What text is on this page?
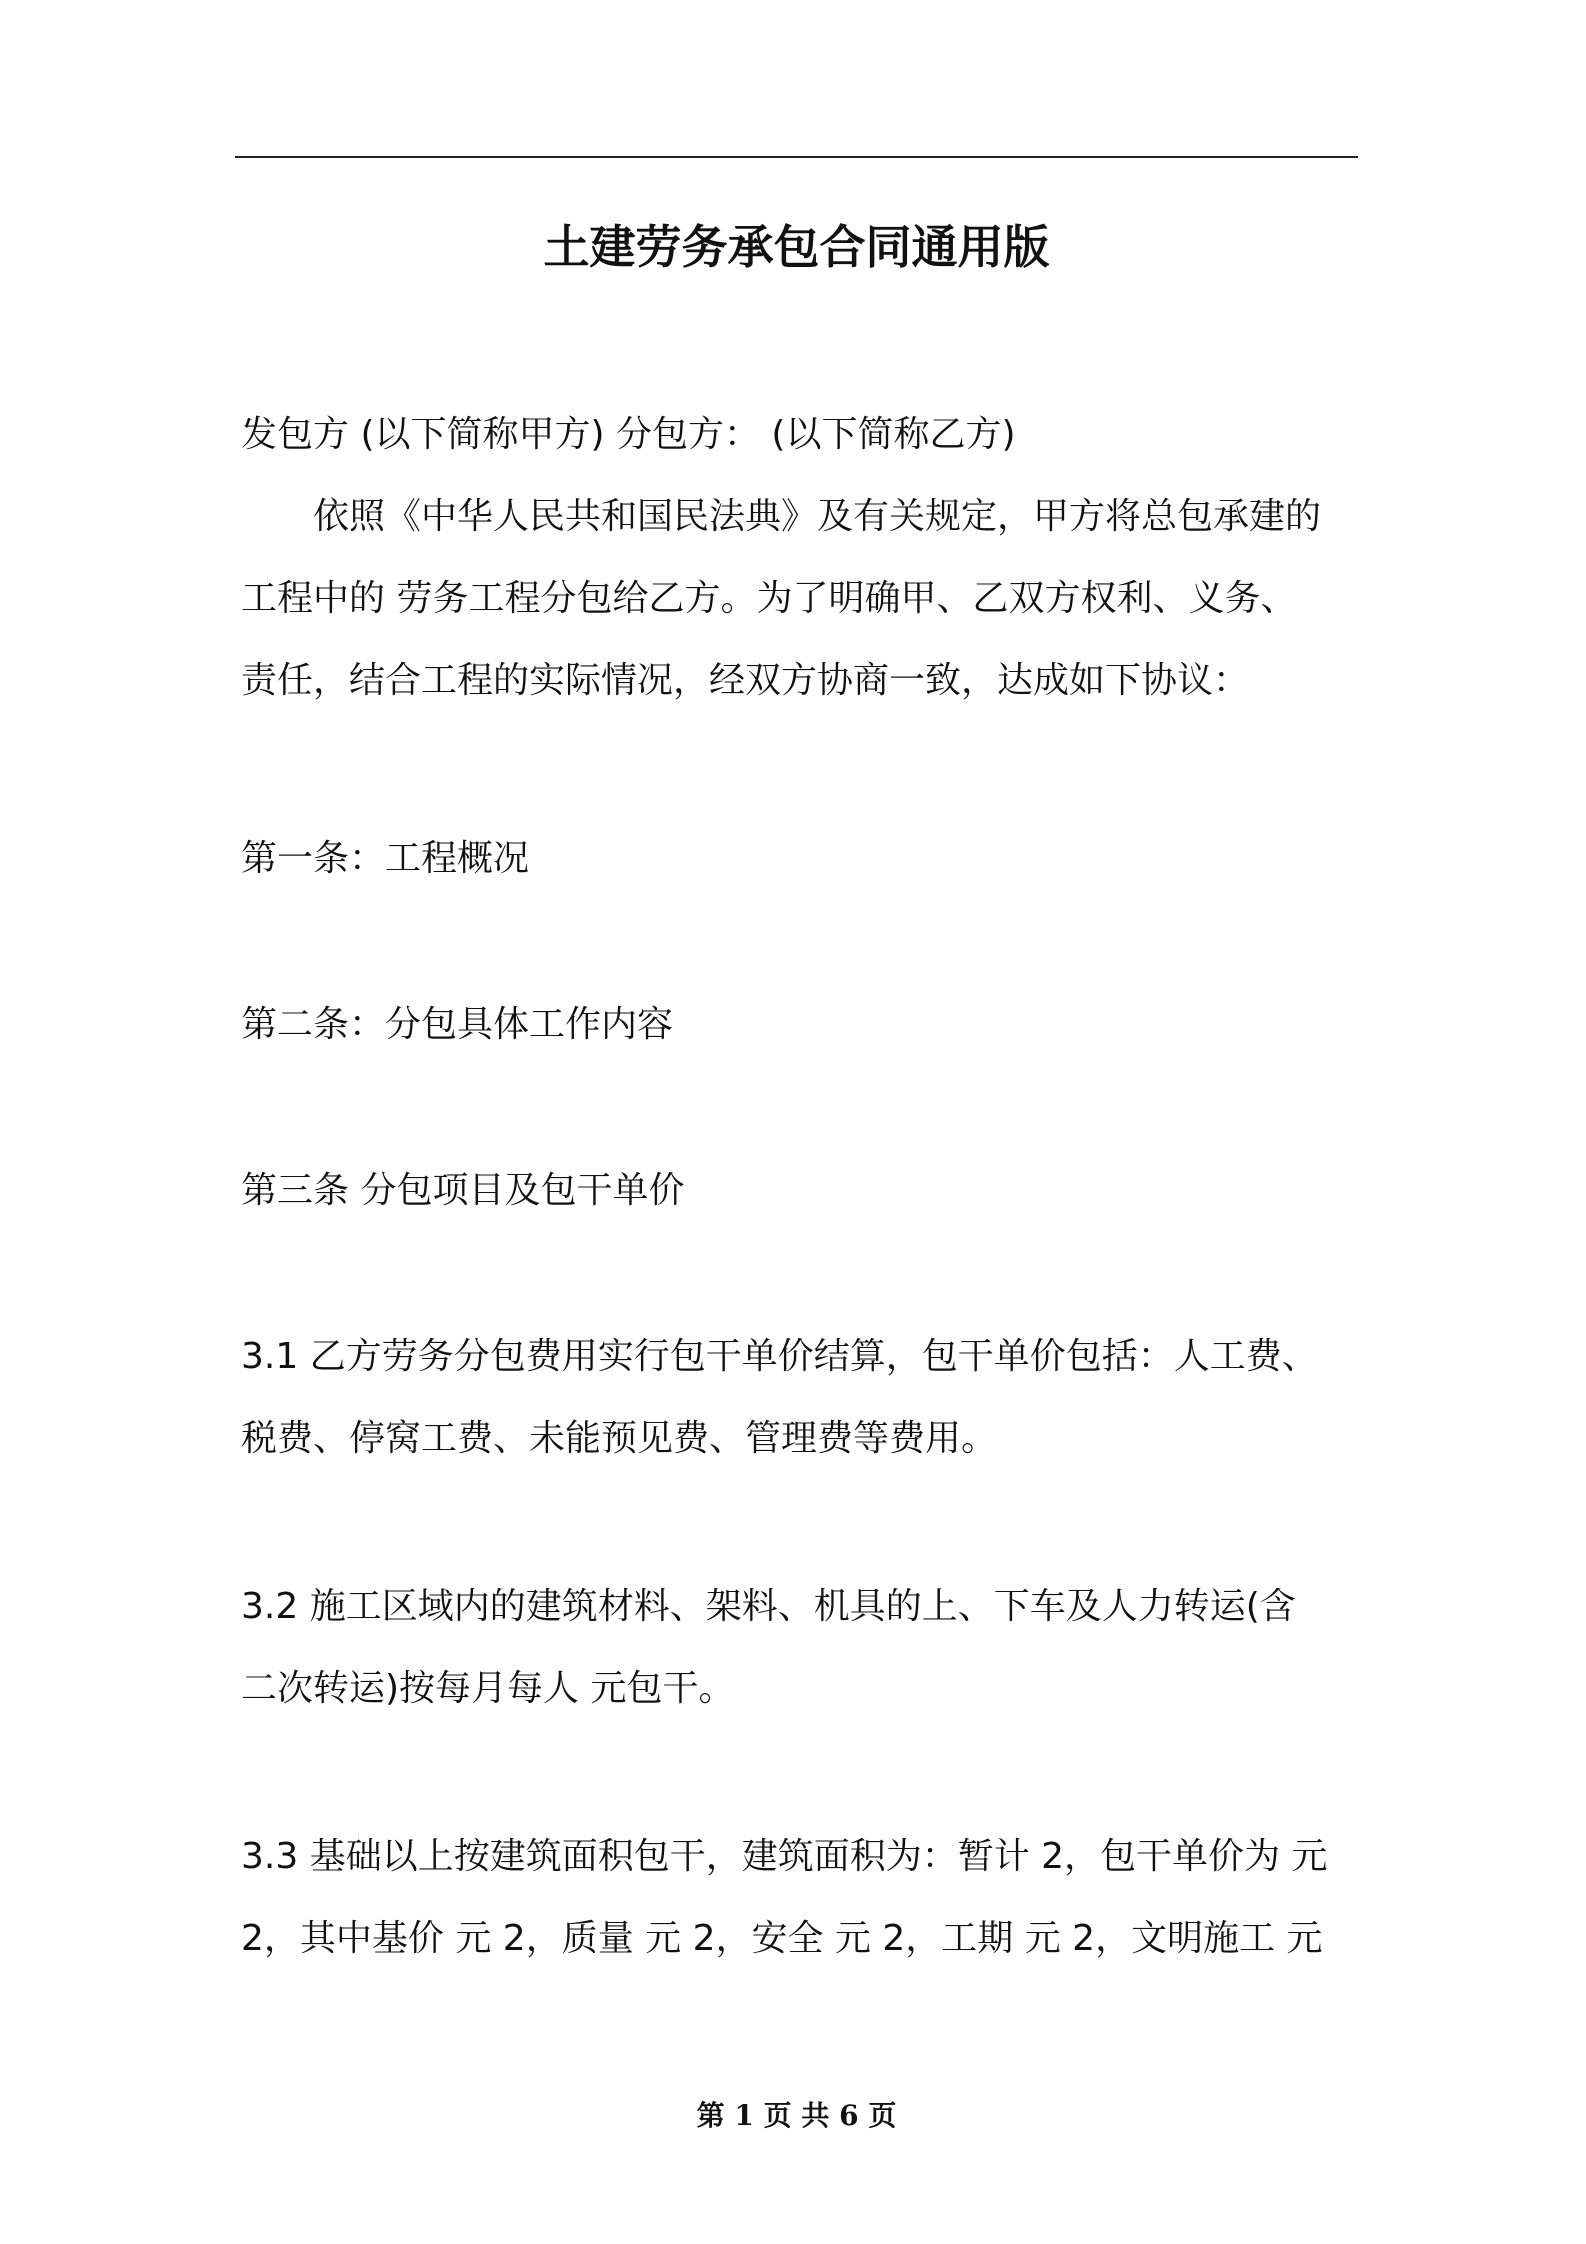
土建劳务承包合同通用版
发包方 (以下简称甲方) 分包方： (以下简称乙方)
依照《中华人民共和国民法典》及有关规定，甲方将总包承建的
工程中的 劳务工程分包给乙方。为了明确甲、乙双方权利、义务、
责任，结合工程的实际情况，经双方协商一致，达成如下协议：
第一条：工程概况
第二条：分包具体工作内容
第三条 分包项目及包干单价
3.1 乙方劳务分包费用实行包干单价结算，包干单价包括：人工费、
税费、停窝工费、未能预见费、管理费等费用。
3.2 施工区域内的建筑材料、架料、机具的上、下车及人力转运(含
二次转运)按每月每人 元包干。
3.3 基础以上按建筑面积包干，建筑面积为：暂计 2，包干单价为 元
2，其中基价 元 2，质量 元 2，安全 元 2，工期 元 2，文明施工 元
第 1 页 共 6 页
